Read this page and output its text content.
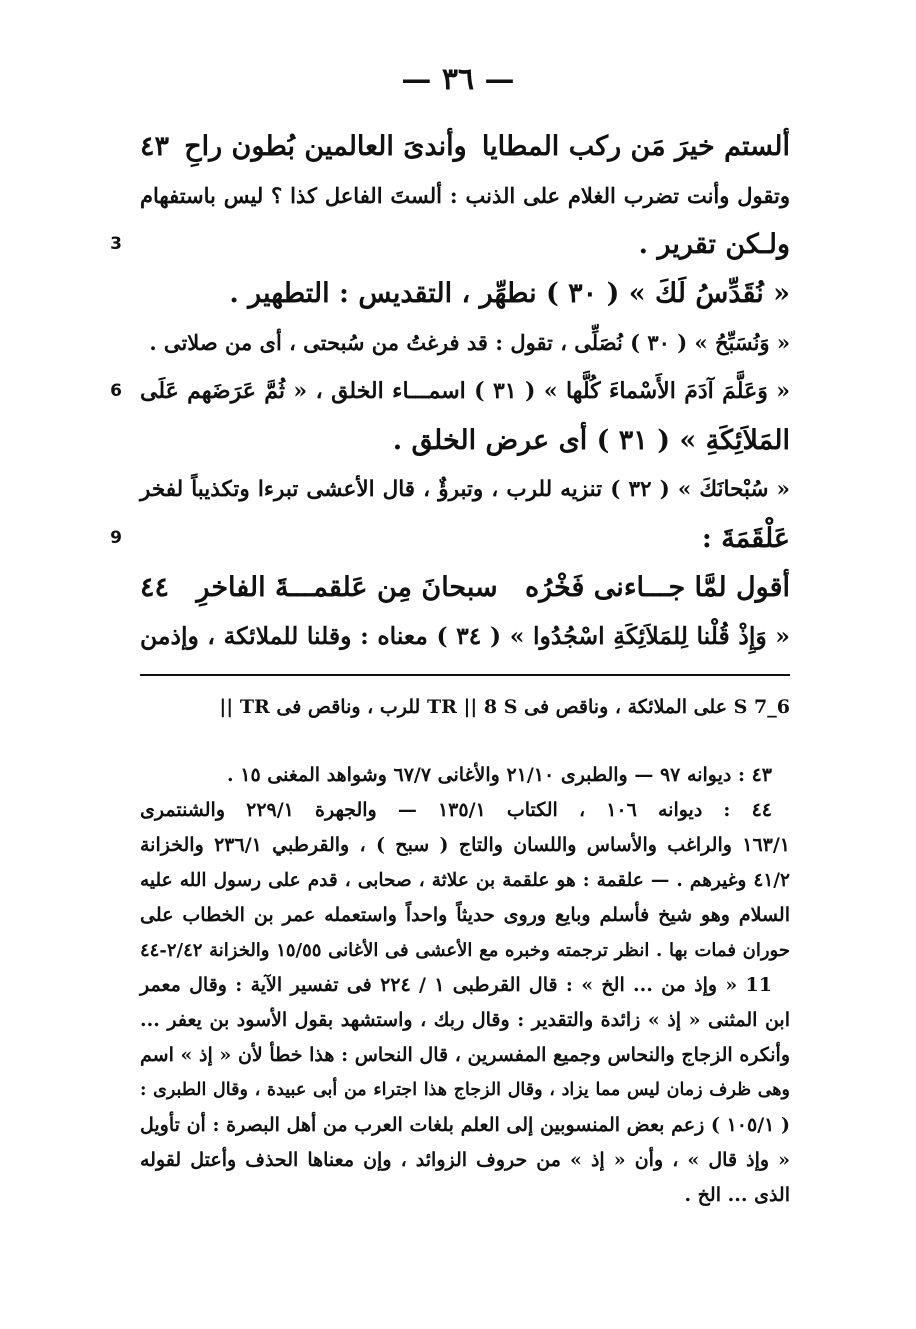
— ٣٦ —
ألستم خيرَ مَن ركب المطايا
وأندىَ العالمين بُطون راحِ
٤٣
وتقول وأنت تضرب الغلام على الذنب : ألستَ الفاعل كذا ؟ ليس باستفهام
ولـكن تقرير .
3
« نُقَدِّسُ لَكَ » ( ٣٠ ) نطهِّر ، التقديس : التطهير .
« وَنُسَبِّحُ » ( ٣٠ ) نُصَلِّى ، تقول : قد فرغتُ من سُبحتى ، أى من صلاتى .
« وَعَلَّمَ آدَمَ الأَسْماءَ كُلَّها » ( ٣١ ) اسمـــاء الخلق ، « ثُمَّ عَرَضَهم عَلَى
6
المَلاَئِكَةِ » ( ٣١ ) أى عرض الخلق .
« سُبْحانَكَ » ( ٣٢ ) تنزيه للرب ، وتبرؤٌ ، قال الأعشى تبرءا وتكذيباً لفخر
عَلْقَمَةَ :
9
أقول لمَّا جـــاءنى فَخْرُه
سبحانَ مِن عَلقمـــةَ الفاخرِ
٤٤
« وَإِذْ قُلْنا لِلمَلاَئِكَةِ اسْجُدُوا » ( ٣٤ ) معناه : وقلنا للملائكة ، وإذمن
6_7 S على الملائكة ، وناقص فى TR || 8 S للرب ، وناقص فى TR ||
٤٣ : ديوانه ٩٧ — والطبرى ٢١/١٠ والأغانى ٦٧/٧ وشواهد المغنى ١٥ .
٤٤ : ديوانه ١٠٦ ، الكتاب ١٣٥/١ — والجهرة ٢٢٩/١ والشنتمرى
١٦٣/١ والراغب والأساس واللسان والتاج ( سبح ) ، والقرطبي ٢٣٦/١ والخزانة
٤١/٢ وغيرهم . — علقمة : هو علقمة بن علاثة ، صحابى ، قدم على رسول الله عليه
السلام وهو شيخ فأسلم وبايع وروى حديثاً واحداً واستعمله عمر بن الخطاب على
حوران فمات بها . انظر ترجمته وخبره مع الأعشى فى الأغانى ١٥/٥٥ والخزانة ٢/٤٢-٤٤
11 « وإذ من ... الخ » : قال القرطبى ١ / ٢٢٤ فى تفسير الآية : وقال معمر
ابن المثنى « إذ » زائدة والتقدير : وقال ربك ، واستشهد بقول الأسود بن يعفر ...
وأنكره الزجاج والنحاس وجميع المفسرين ، قال النحاس : هذا خطأ لأن « إذ » اسم
وهى ظرف زمان ليس مما يزاد ، وقال الزجاج هذا اجتراء من أبى عبيدة ، وقال الطبرى :
( ١٠٥/١ ) زعم بعض المنسوبين إلى العلم بلغات العرب من أهل البصرة : أن تأويل
« وإذ قال » ، وأن « إذ » من حروف الزوائد ، وإن معناها الحذف وأعتل لقوله
الذى ... الخ .
